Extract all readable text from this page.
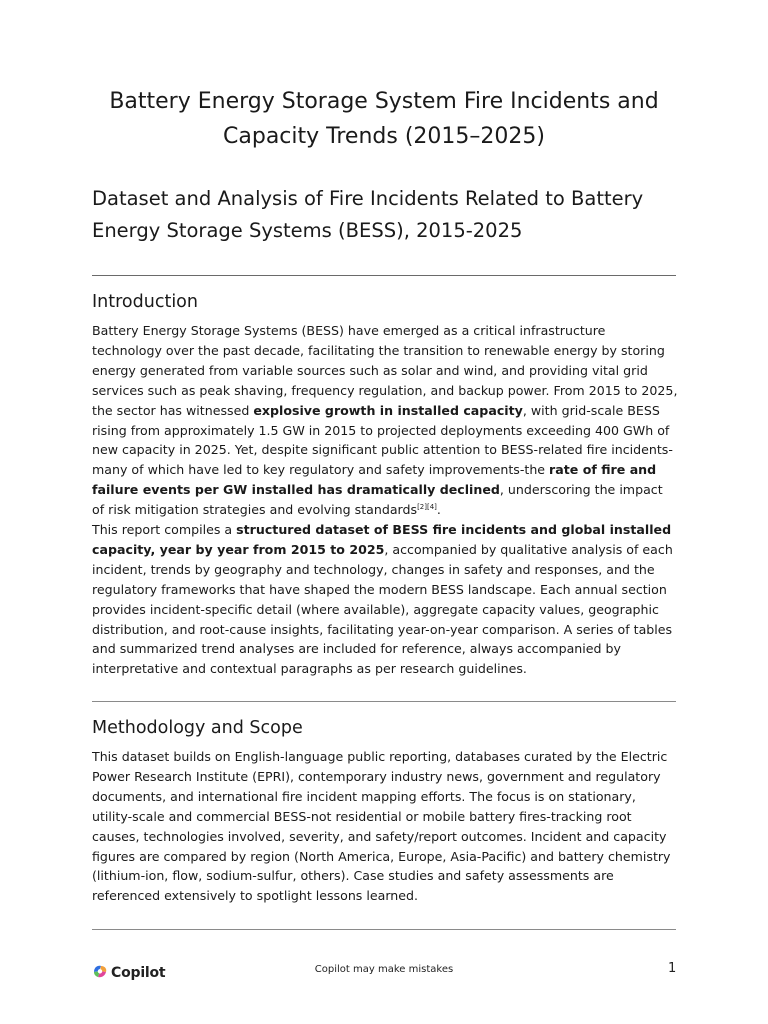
Battery Energy Storage System Fire Incidents and Capacity Trends (2015–2025)
Dataset and Analysis of Fire Incidents Related to Battery Energy Storage Systems (BESS), 2015-2025
Introduction

Battery Energy Storage Systems (BESS) have emerged as a critical infrastructure technology over the past decade, facilitating the transition to renewable energy by storing energy generated from variable sources such as solar and wind, and providing vital grid services such as peak shaving, frequency regulation, and backup power. From 2015 to 2025, the sector has witnessed explosive growth in installed capacity, with grid-scale BESS rising from approximately 1.5 GW in 2015 to projected deployments exceeding 400 GWh of new capacity in 2025. Yet, despite significant public attention to BESS-related fire incidents-many of which have led to key regulatory and safety improvements-the rate of fire and failure events per GW installed has dramatically declined, underscoring the impact of risk mitigation strategies and evolving standards[2][4].

This report compiles a structured dataset of BESS fire incidents and global installed capacity, year by year from 2015 to 2025, accompanied by qualitative analysis of each incident, trends by geography and technology, changes in safety and responses, and the regulatory frameworks that have shaped the modern BESS landscape. Each annual section provides incident-specific detail (where available), aggregate capacity values, geographic distribution, and root-cause insights, facilitating year-on-year comparison. A series of tables and summarized trend analyses are included for reference, always accompanied by interpretative and contextual paragraphs as per research guidelines.

Methodology and Scope

This dataset builds on English-language public reporting, databases curated by the Electric Power Research Institute (EPRI), contemporary industry news, government and regulatory documents, and international fire incident mapping efforts. The focus is on stationary, utility-scale and commercial BESS-not residential or mobile battery fires-tracking root causes, technologies involved, severity, and safety/report outcomes. Incident and capacity figures are compared by region (North America, Europe, Asia-Pacific) and battery chemistry (lithium-ion, flow, sodium-sulfur, others). Case studies and safety assessments are referenced extensively to spotlight lessons learned.

Copilot	Copilot may make mistakes	1
